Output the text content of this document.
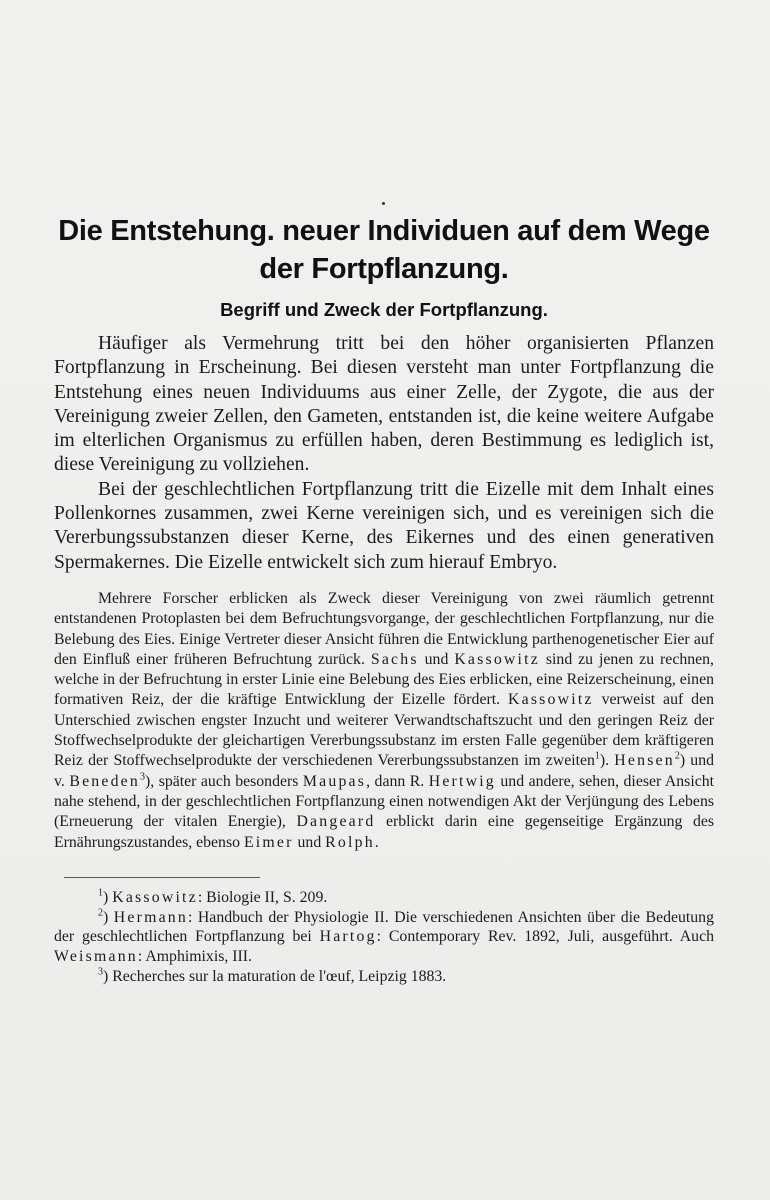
Die Entstehung. neuer Individuen auf dem Wege
der Fortpflanzung.
Begriff und Zweck der Fortpflanzung.

Häufiger als Vermehrung tritt bei den höher organisierten Pflanzen Fortpflanzung in Erscheinung. Bei diesen versteht man unter Fortpflanzung die Entstehung eines neuen Individuums aus einer Zelle, der Zygote, die aus der Vereinigung zweier Zellen, den Gameten, entstanden ist, die keine weitere Aufgabe im elterlichen Organismus zu erfüllen haben, deren Bestimmung es lediglich ist, diese Vereinigung zu vollziehen.

Bei der geschlechtlichen Fortpflanzung tritt die Eizelle mit dem Inhalt eines Pollenkornes zusammen, zwei Kerne vereinigen sich, und es vereinigen sich die Vererbungssubstanzen dieser Kerne, des Eikernes und des einen generativen Spermakernes. Die Eizelle entwickelt sich zum hierauf Embryo.

Mehrere Forscher erblicken als Zweck dieser Vereinigung von zwei räumlich getrennt entstandenen Protoplasten bei dem Befruchtungsvorgange, der geschlechtlichen Fortpflanzung, nur die Belebung des Eies. Einige Vertreter dieser Ansicht führen die Entwicklung parthenogenetischer Eier auf den Einfluß einer früheren Befruchtung zurück. Sachs und Kassowitz sind zu jenen zu rechnen, welche in der Befruchtung in erster Linie eine Belebung des Eies erblicken, eine Reizerscheinung, einen formativen Reiz, der die kräftige Entwicklung der Eizelle fördert. Kassowitz verweist auf den Unterschied zwischen engster Inzucht und weiterer Verwandtschaftszucht und den geringen Reiz der Stoffwechselprodukte der gleichartigen Vererbungssubstanz im ersten Falle gegenüber dem kräftigeren Reiz der Stoffwechselprodukte der verschiedenen Vererbungssubstanzen im zweiten$^1$). Hensen$^2$) und v. Beneden$^3$), später auch besonders Maupas, dann R. Hertwig und andere, sehen, dieser Ansicht nahe stehend, in der geschlechtlichen Fortpflanzung einen notwendigen Akt der Verjüngung des Lebens (Erneuerung der vitalen Energie), Dangeard erblickt darin eine gegenseitige Ergänzung des Ernährungszustandes, ebenso Eimer und Rolph.

$^1$) Kassowitz: Biologie II, S. 209.

$^2$) Hermann: Handbuch der Physiologie II. Die verschiedenen Ansichten über die Bedeutung der geschlechtlichen Fortpflanzung bei Hartog: Contemporary Rev. 1892, Juli, ausgeführt. Auch Weismann: Amphimixis, III.

$^3$) Recherches sur la maturation de l'œuf, Leipzig 1883.
